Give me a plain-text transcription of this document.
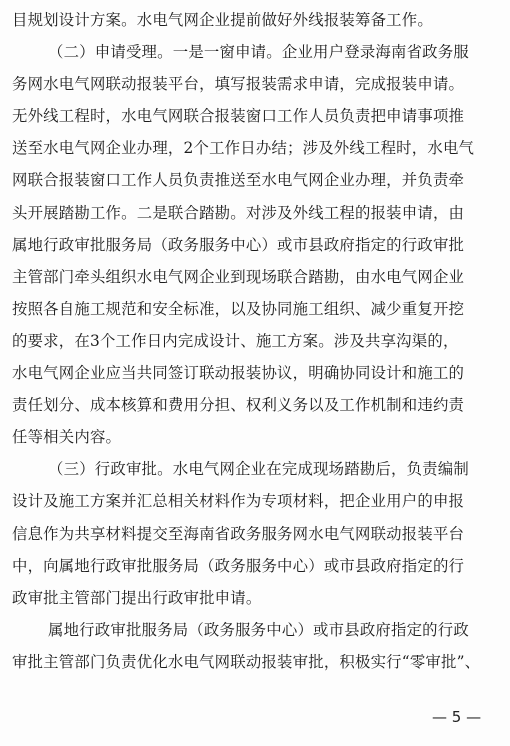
目规划设计方案。水电气网企业提前做好外线报装筹备工作。
（二）申请受理。一是一窗申请。企业用户登录海南省政务服
务网水电气网联动报装平台，填写报装需求申请，完成报装申请。
无外线工程时，水电气网联合报装窗口工作人员负责把申请事项推
送至水电气网企业办理，2个工作日办结；涉及外线工程时，水电气
网联合报装窗口工作人员负责推送至水电气网企业办理，并负责牵
头开展踏勘工作。二是联合踏勘。对涉及外线工程的报装申请，由
属地行政审批服务局（政务服务中心）或市县政府指定的行政审批
主管部门牵头组织水电气网企业到现场联合踏勘，由水电气网企业
按照各自施工规范和安全标准，以及协同施工组织、减少重复开挖
的要求，在3个工作日内完成设计、施工方案。涉及共享沟渠的，
水电气网企业应当共同签订联动报装协议，明确协同设计和施工的
责任划分、成本核算和费用分担、权利义务以及工作机制和违约责
任等相关内容。
（三）行政审批。水电气网企业在完成现场踏勘后，负责编制
设计及施工方案并汇总相关材料作为专项材料，把企业用户的申报
信息作为共享材料提交至海南省政务服务网水电气网联动报装平台
中，向属地行政审批服务局（政务服务中心）或市县政府指定的行
政审批主管部门提出行政审批申请。
属地行政审批服务局（政务服务中心）或市县政府指定的行政
审批主管部门负责优化水电气网联动报装审批，积极实行“零审批”、
— 5 —
